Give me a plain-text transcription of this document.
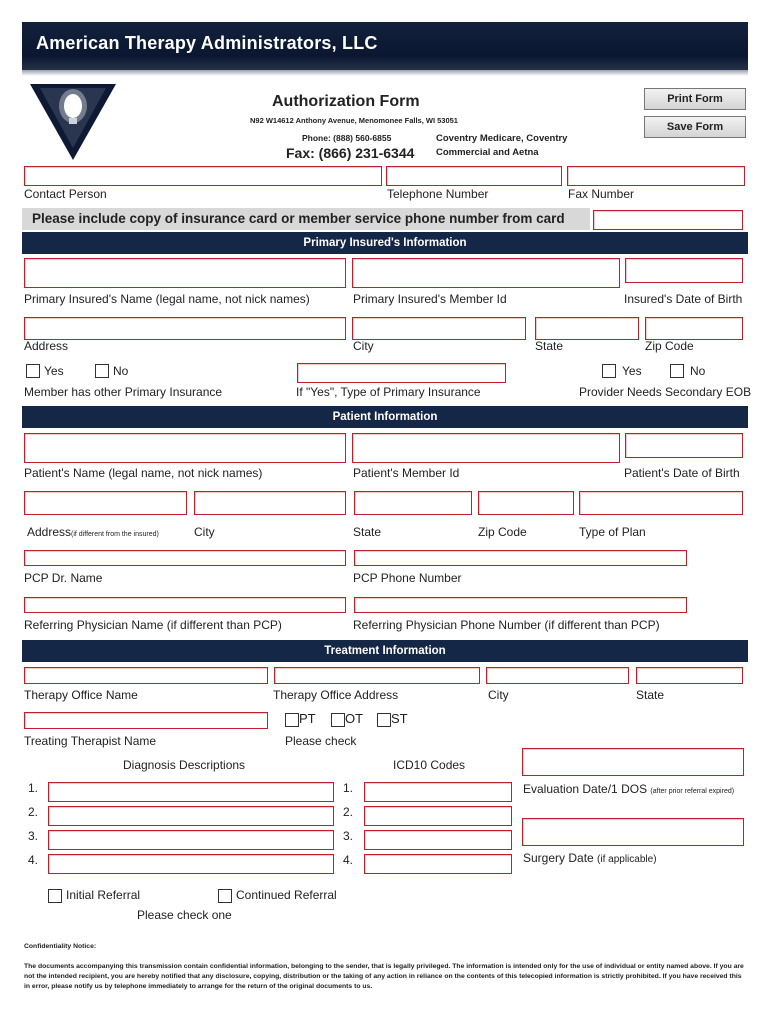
American Therapy Administrators, LLC
Authorization Form
N92 W14612 Anthony Avenue, Menomonee Falls, WI 53051
Phone: (888) 560-6855
Fax: (866) 231-6344
Coventry Medicare, Coventry
Commercial and Aetna
Print Form
Save Form
Contact Person	Telephone Number	Fax Number
Please include copy of insurance card or member service phone number from card
Primary Insured's Information
Primary Insured's Name (legal name, not nick names)	Primary Insured's Member Id	Insured's Date of Birth
Address	City	State	Zip Code
Yes	No	Yes	No
Member has other Primary Insurance	If "Yes", Type of Primary Insurance	Provider Needs Secondary EOB
Patient Information
Patient's Name (legal name, not nick names)	Patient's Member Id	Patient's Date of Birth
Address(if different from the insured)	City	State	Zip Code	Type of Plan
PCP Dr. Name	PCP Phone Number
Referring Physician Name (if different than PCP)	Referring Physician Phone Number (if different than PCP)
Treatment Information
Therapy Office Name	Therapy Office Address	City	State
PT OT ST
Treating Therapist Name	Please check
Diagnosis Descriptions	ICD10 Codes
1.	1.
2.	2.
3.	3.
4.	4.
Evaluation Date/1 DOS (after prior referral expired)
Surgery Date (if applicable)
Initial Referral	Continued Referral
Please check one
Confidentiality Notice:
The documents accompanying this transmission contain confidential information, belonging to the sender, that is legally privileged. The information is intended only for the use of individual or entity named above. If you are not the intended recipient, you are hereby notified that any disclosure, copying, distribution or the taking of any action in reliance on the contents of this telecopied information is strictly prohibited. If you have received this in error, please notify us by telephone immediately to arrange for the return of the original documents to us.
